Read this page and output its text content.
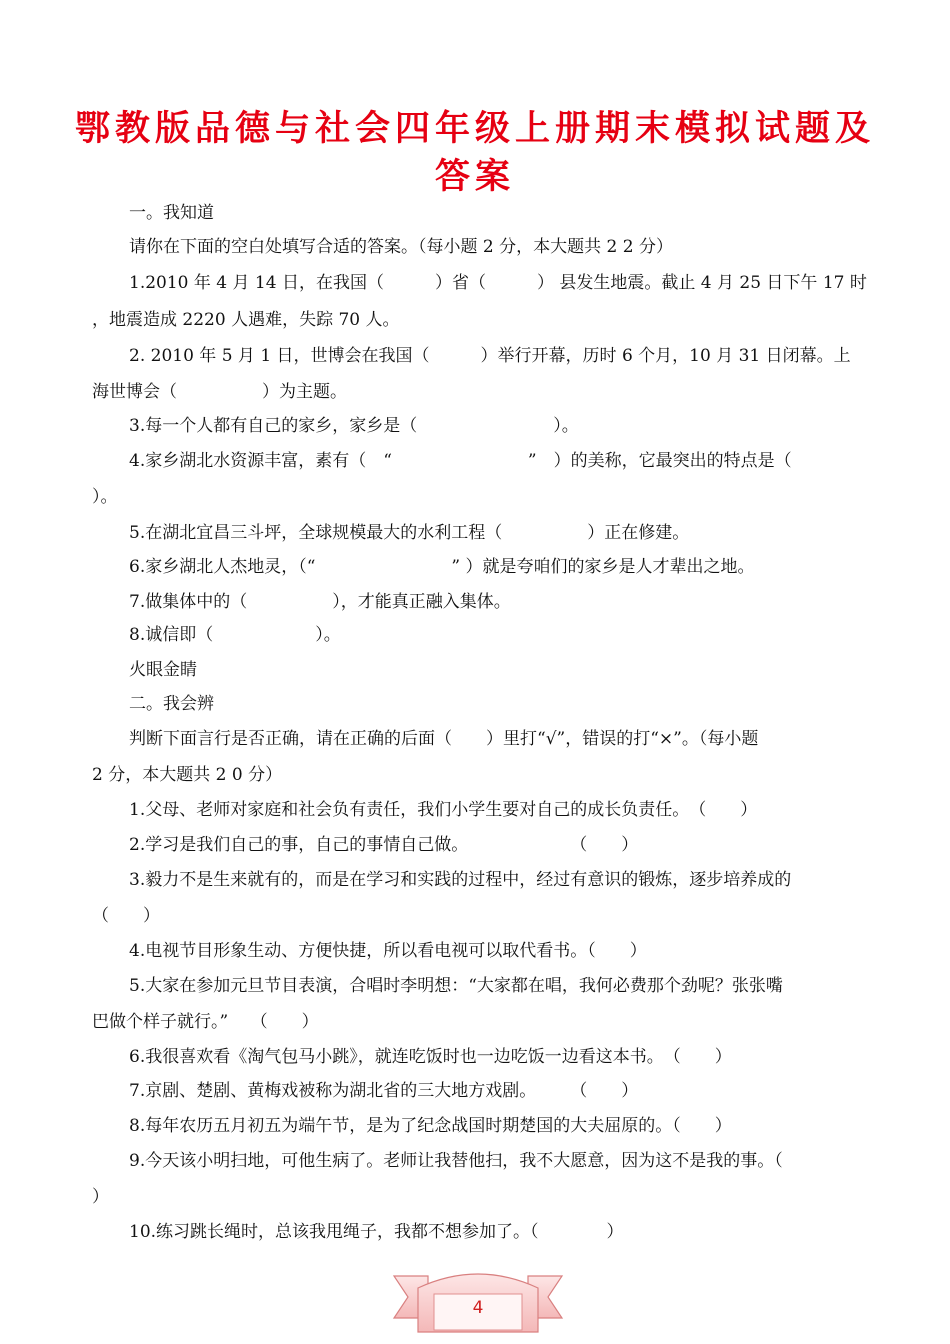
鄂教版品德与社会四年级上册期末模拟试题及
答案
一。我知道
请你在下面的空白处填写合适的答案。（每小题 2 分，本大题共 2 2 分）
1.2010 年 4 月 14 日，在我国（　　　）省（　　　） 县发生地震。截止 4 月 25 日下午 17 时
，地震造成 2220 人遇难，失踪 70 人。
2. 2010 年 5 月 1 日，世博会在我国（　　　）举行开幕，历时 6 个月，10 月 31 日闭幕。上
海世博会（　　　　　）为主题。
3.每一个人都有自己的家乡，家乡是（　　　　　　　　）。
4.家乡湖北水资源丰富，素有（　“　　　　　　　　”　）的美称，它最突出的特点是（
）。
5.在湖北宜昌三斗坪，全球规模最大的水利工程（　　　　　）正在修建。
6.家乡湖北人杰地灵，（“　　　　　　　　” ）就是夸咱们的家乡是人才辈出之地。
7.做集体中的（　　　　　），才能真正融入集体。
8.诚信即（　　　　　　）。
火眼金睛
二。我会辨
判断下面言行是否正确，请在正确的后面（　　）里打“√”，错误的打“×”。（每小题
2 分，本大题共 2 0 分）
1.父母、老师对家庭和社会负有责任，我们小学生要对自己的成长负责任。　（　　）
2.学习是我们自己的事，自己的事情自己做。　　　　　　　（　　）
3.毅力不是生来就有的，而是在学习和实践的过程中，经过有意识的锻炼，逐步培养成的
（　　）
4.电视节目形象生动、方便快捷，所以看电视可以取代看书。（　　）
5.大家在参加元旦节目表演，合唱时李明想：“大家都在唱，我何必费那个劲呢？张张嘴
巴做个样子就行。”　 （　　）
6.我很喜欢看《淘气包马小跳》，就连吃饭时也一边吃饭一边看这本书。　（　　）
7.京剧、楚剧、黄梅戏被称为湖北省的三大地方戏剧。　　　（　　）
8.每年农历五月初五为端午节，是为了纪念战国时期楚国的大夫屈原的。（　　）
9.今天该小明扫地，可他生病了。老师让我替他扫，我不大愿意，因为这不是我的事。（
）
10.练习跳长绳时，总该我甩绳子，我都不想参加了。（　　　　）
4
